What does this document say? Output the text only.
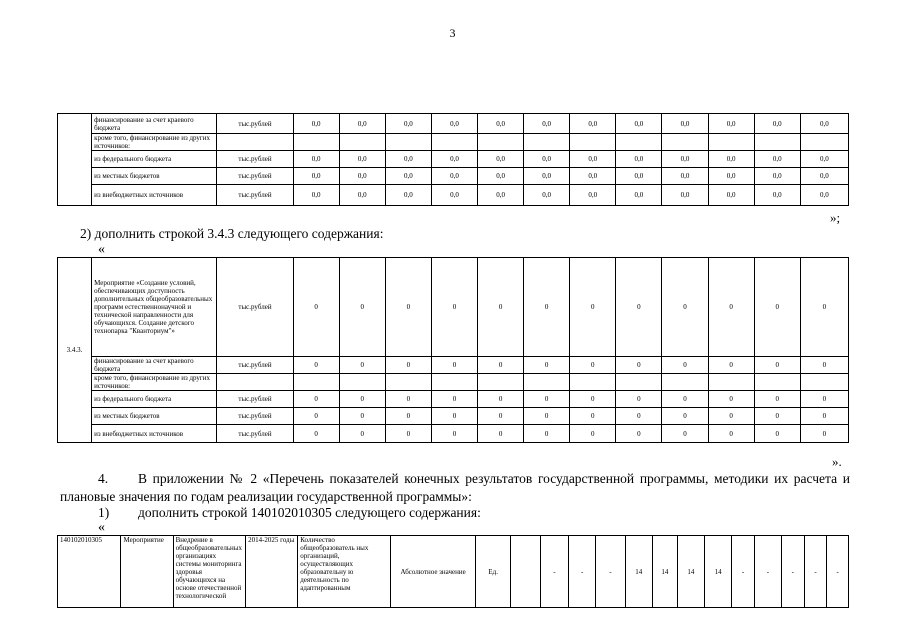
3
	финансирование за счет краевого бюджета	тыс.рублей	0,0	0,0	0,0	0,0	0,0	0,0	0,0	0,0	0,0	0,0	0,0	0,0
	кроме того, финансирование из других источников:													
	из федерального бюджета	тыс.рублей	0,0	0,0	0,0	0,0	0,0	0,0	0,0	0,0	0,0	0,0	0,0	0,0
	из местных бюджетов	тыс.рублей	0,0	0,0	0,0	0,0	0,0	0,0	0,0	0,0	0,0	0,0	0,0	0,0
	из внебюджетных источников	тыс.рублей	0,0	0,0	0,0	0,0	0,0	0,0	0,0	0,0	0,0	0,0	0,0	0,0
»;
2) дополнить строкой 3.4.3 следующего содержания:
«
3.4.3.	Мероприятие «Создание условий, обеспечивающих доступность дополнительных общеобразовательных программ естественнонаучной и технической направленности для обучающихся. Создание детского технопарка "Кванториум"»	тыс.рублей	0	0	0	0	0	0	0	0	0	0	0	0
	финансирование за счет краевого бюджета	тыс.рублей	0	0	0	0	0	0	0	0	0	0	0	0
	кроме того, финансирование из других источников:													
	из федерального бюджета	тыс.рублей	0	0	0	0	0	0	0	0	0	0	0	0
	из местных бюджетов	тыс.рублей	0	0	0	0	0	0	0	0	0	0	0	0
	из внебюджетных источников	тыс.рублей	0	0	0	0	0	0	0	0	0	0	0	0
».
4.	В приложении № 2 «Перечень показателей конечных результатов государственной программы, методики их расчета и плановые значения по годам реализации государственной программы»:
1) дополнить строкой 140102010305 следующего содержания:
«
140102010305	Мероприятие	Внедрение в общеобразовательных организациях системы мониторинга здоровья обучающихся на основе отечественной технологической	2014-2025 годы	Количество общеобразователь ных организаций, осуществляющих образовательну ю деятельность по адаптированным	Абсолютное значение	Ед.		-	-	-	14	14	14	14	-	-	-	-	-
